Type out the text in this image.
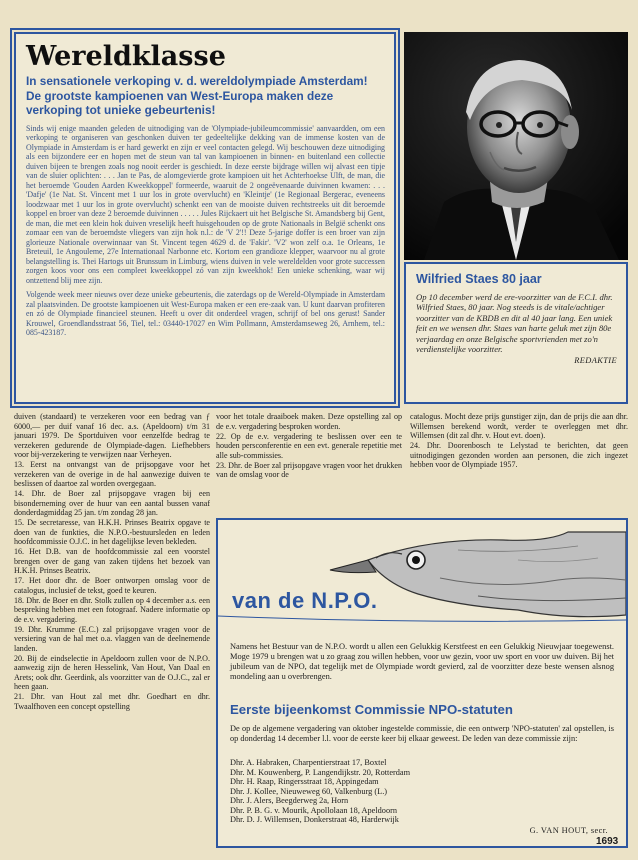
Wereldklasse

In sensationele verkoping v. d. wereldolympiade Amsterdam! De grootste kampioenen van West-Europa maken deze verkoping tot unieke gebeurtenis!

Sinds wij enige maanden geleden de uitnodiging van de 'Olympiade-jubileumcommissie' aanvaardden, om een verkoping te organiseren van geschonken duiven ter gedeeltelijke dekking van de immense kosten van de Olympiade in Amsterdam is er hard gewerkt en zijn er veel contacten gelegd. Wij beschouwen deze uitnodiging als een bijzondere eer en hopen met de steun van tal van kampioenen in binnen- en buitenland een collectie duiven bijeen te brengen zoals nog nooit eerder is geschiedt. In deze eerste bijdrage willen wij alvast een tipje van de sluier oplichten: . . . Jan te Pas, de alomgevierde grote kampioen uit het Achterhoekse Ulft, de man, die het beroemde 'Gouden Aarden Kweekkoppel' formeerde, waaruit de 2 ongeëvenaarde duivinnen kwamen: . . . 'Dafje' (1e Nat. St. Vincent met 1 uur los in grote overvlucht) en 'Kleintje' (1e Regionaal Bergerac, eveneens loodzwaar met 1 uur los in grote overvlucht) schenkt een van de mooiste duiven rechtstreeks uit dit beroemde koppel en broer van deze 2 beroemde duivinnen . . . . . Jules Rijckaert uit het Belgische St. Amandsberg bij Gent, de man, die met een klein hok duiven vreselijk heeft huisgehouden op de grote Nationaals in België schenkt ons zomaar een van de beroemdste vliegers van zijn hok n.l.: de 'V 2'!! Deze 5-jarige doffer is een broer van zijn glorieuze Nationale overwinnaar van St. Vincent tegen 4629 d. de 'Fakir'. 'V2' won zelf o.a. 1e Orleans, 1e Breteuil, 1e Angouleme, 27e Internationaal Narbonne etc. Kortom een grandioze klepper, waarvoor nu al grote belangstelling is. Thei Hartogs uit Brunssum in Limburg, wiens duiven in vele wereldelden voor grote successen zorgen koos voor ons een compleet kweekkoppel zó van zijn kweekhok! Een unieke schenking, waar wij ontzettend blij mee zijn.

Volgende week meer nieuws over deze unieke gebeurtenis, die zaterdags op de Wereld-Olympiade in Amsterdam zal plaatsvinden. De grootste kampioenen uit West-Europa maken er een ere-zaak van. U kunt daarvan profiteren en zó de Olympiade financieel steunen. Heeft u over dit onderdeel vragen, schrijf of bel ons gerust! Sander Krouwel, Groendlandsstraat 56, Tiel, tel.: 03440-17027 en Wim Pollmann, Amsterdamseweg 26, Arnhem, tel.: 085-423187.

Wilfried Staes 80 jaar

Op 10 december werd de ere-voorzitter van de F.C.I. dhr. Wilfried Staes, 80 jaar. Nog steeds is de vitale/achtiger voorzitter van de KBDB en dit al 40 jaar lang. Een uniek feit en we wensen dhr. Staes van harte geluk met zijn 80e verjaardag en onze Belgische sportvrienden met zo'n verdienstelijke voorzitter.

REDAKTIE

duiven (standaard) te verzekeren voor een bedrag van ƒ 6000,— per duif vanaf 16 dec. a.s. (Apeldoorn) t/m 31 januari 1979. De Sportduiven voor eenzelfde bedrag te verzekeren gedurende de Olympiade-dagen. Liefhebbers voor bij-verzekering te verwijzen naar Verheyen.

13. Eerst na ontvangst van de prijsopgave voor het verzekeren van de overige in de hal aanwezige duiven te beslissen of daartoe zal worden overgegaan.

14. Dhr. de Boer zal prijsopgave vragen bij een bisonderneming over de huur van een aantal bussen vanaf donderdagmiddag 25 jan. t/m zondag 28 jan.

15. De secretaresse, van H.K.H. Prinses Beatrix opgave te doen van de funkties, die N.P.O.-bestuursleden en leden hoofdcommissie O.J.C. in het dagelijkse leven bekleden.

16. Het D.B. van de hoofdcommissie zal een voorstel brengen over de gang van zaken tijdens het bezoek van H.K.H. Prinses Beatrix.

17. Het door dhr. de Boer ontworpen omslag voor de catalogus, inclusief de tekst, goed te keuren.

18. Dhr. de Boer en dhr. Stolk zullen op 4 december a.s. een bespreking hebben met een fotograaf. Nadere informatie op de e.v. vergadering.

19. Dhr. Krumme (E.C.) zal prijsopgave vragen voor de versiering van de hal met o.a. vlaggen van de deelnemende landen.

20. Bij de eindselectie in Apeldoorn zullen voor de N.P.O. aanwezig zijn de heren Hesselink, Van Hout, Van Daal en Arets; ook dhr. Geerdink, als voorzitter van de O.J.C., zal er heen gaan.

21. Dhr. van Hout zal met dhr. Goedhart en dhr. Twaalfhoven een concept opstelling

voor het totale draaiboek maken. Deze opstelling zal op de e.v. vergadering besproken worden.

22. Op de e.v. vergadering te beslissen over een te houden persconferentie en een evt. generale repetitie met alle sub-commissies.

23. Dhr. de Boer zal prijsopgave vragen voor het drukken van de omslag voor de

catalogus. Mocht deze prijs gunstiger zijn, dan de prijs die aan dhr. Willemsen berekend wordt, verder te overleggen met dhr. Willemsen (dit zal dhr. v. Hout evt. doen).

24. Dhr. Doorenbosch te Lelystad te berichten, dat geen uitnodigingen gezonden worden aan personen, die zich ingezet hebben voor de Olympiade 1957.

van de N.P.O.

Namens het Bestuur van de N.P.O. wordt u allen een Gelukkig Kerstfeest en een Gelukkig Nieuwjaar toegewenst. Moge 1979 u brengen wat u zo graag zou willen hebben, voor uw gezin, voor uw sport en voor uw duiven. Bij het jubileum van de NPO, dat tegelijk met de Olympiade wordt gevierd, zal de voorzitter deze beste wensen alsnog mondeling aan u overbrengen.

Eerste bijeenkomst Commissie NPO-statuten

De op de algemene vergadering van oktober ingestelde commissie, die een ontwerp 'NPO-statuten' zal opstellen, is op donderdag 14 december l.l. voor de eerste keer bij elkaar geweest. De leden van deze commissie zijn:

Dhr. A. Habraken, Charpentierstraat 17, Boxtel
Dhr. M. Kouwenberg, P. Langendijkstr. 20, Rotterdam
Dhr. H. Raap, Ringersstraat 18, Appingedam
Dhr. J. Kollee, Nieuweweg 60, Valkenburg (L.)
Dhr. J. Alers, Beegderweg 2a, Horn
Dhr. P. B. G. v. Mourik, Apollolaan 18, Apeldoorn
Dhr. D. J. Willemsen, Donkerstraat 48, Harderwijk
G. VAN HOUT, secr.
1693
